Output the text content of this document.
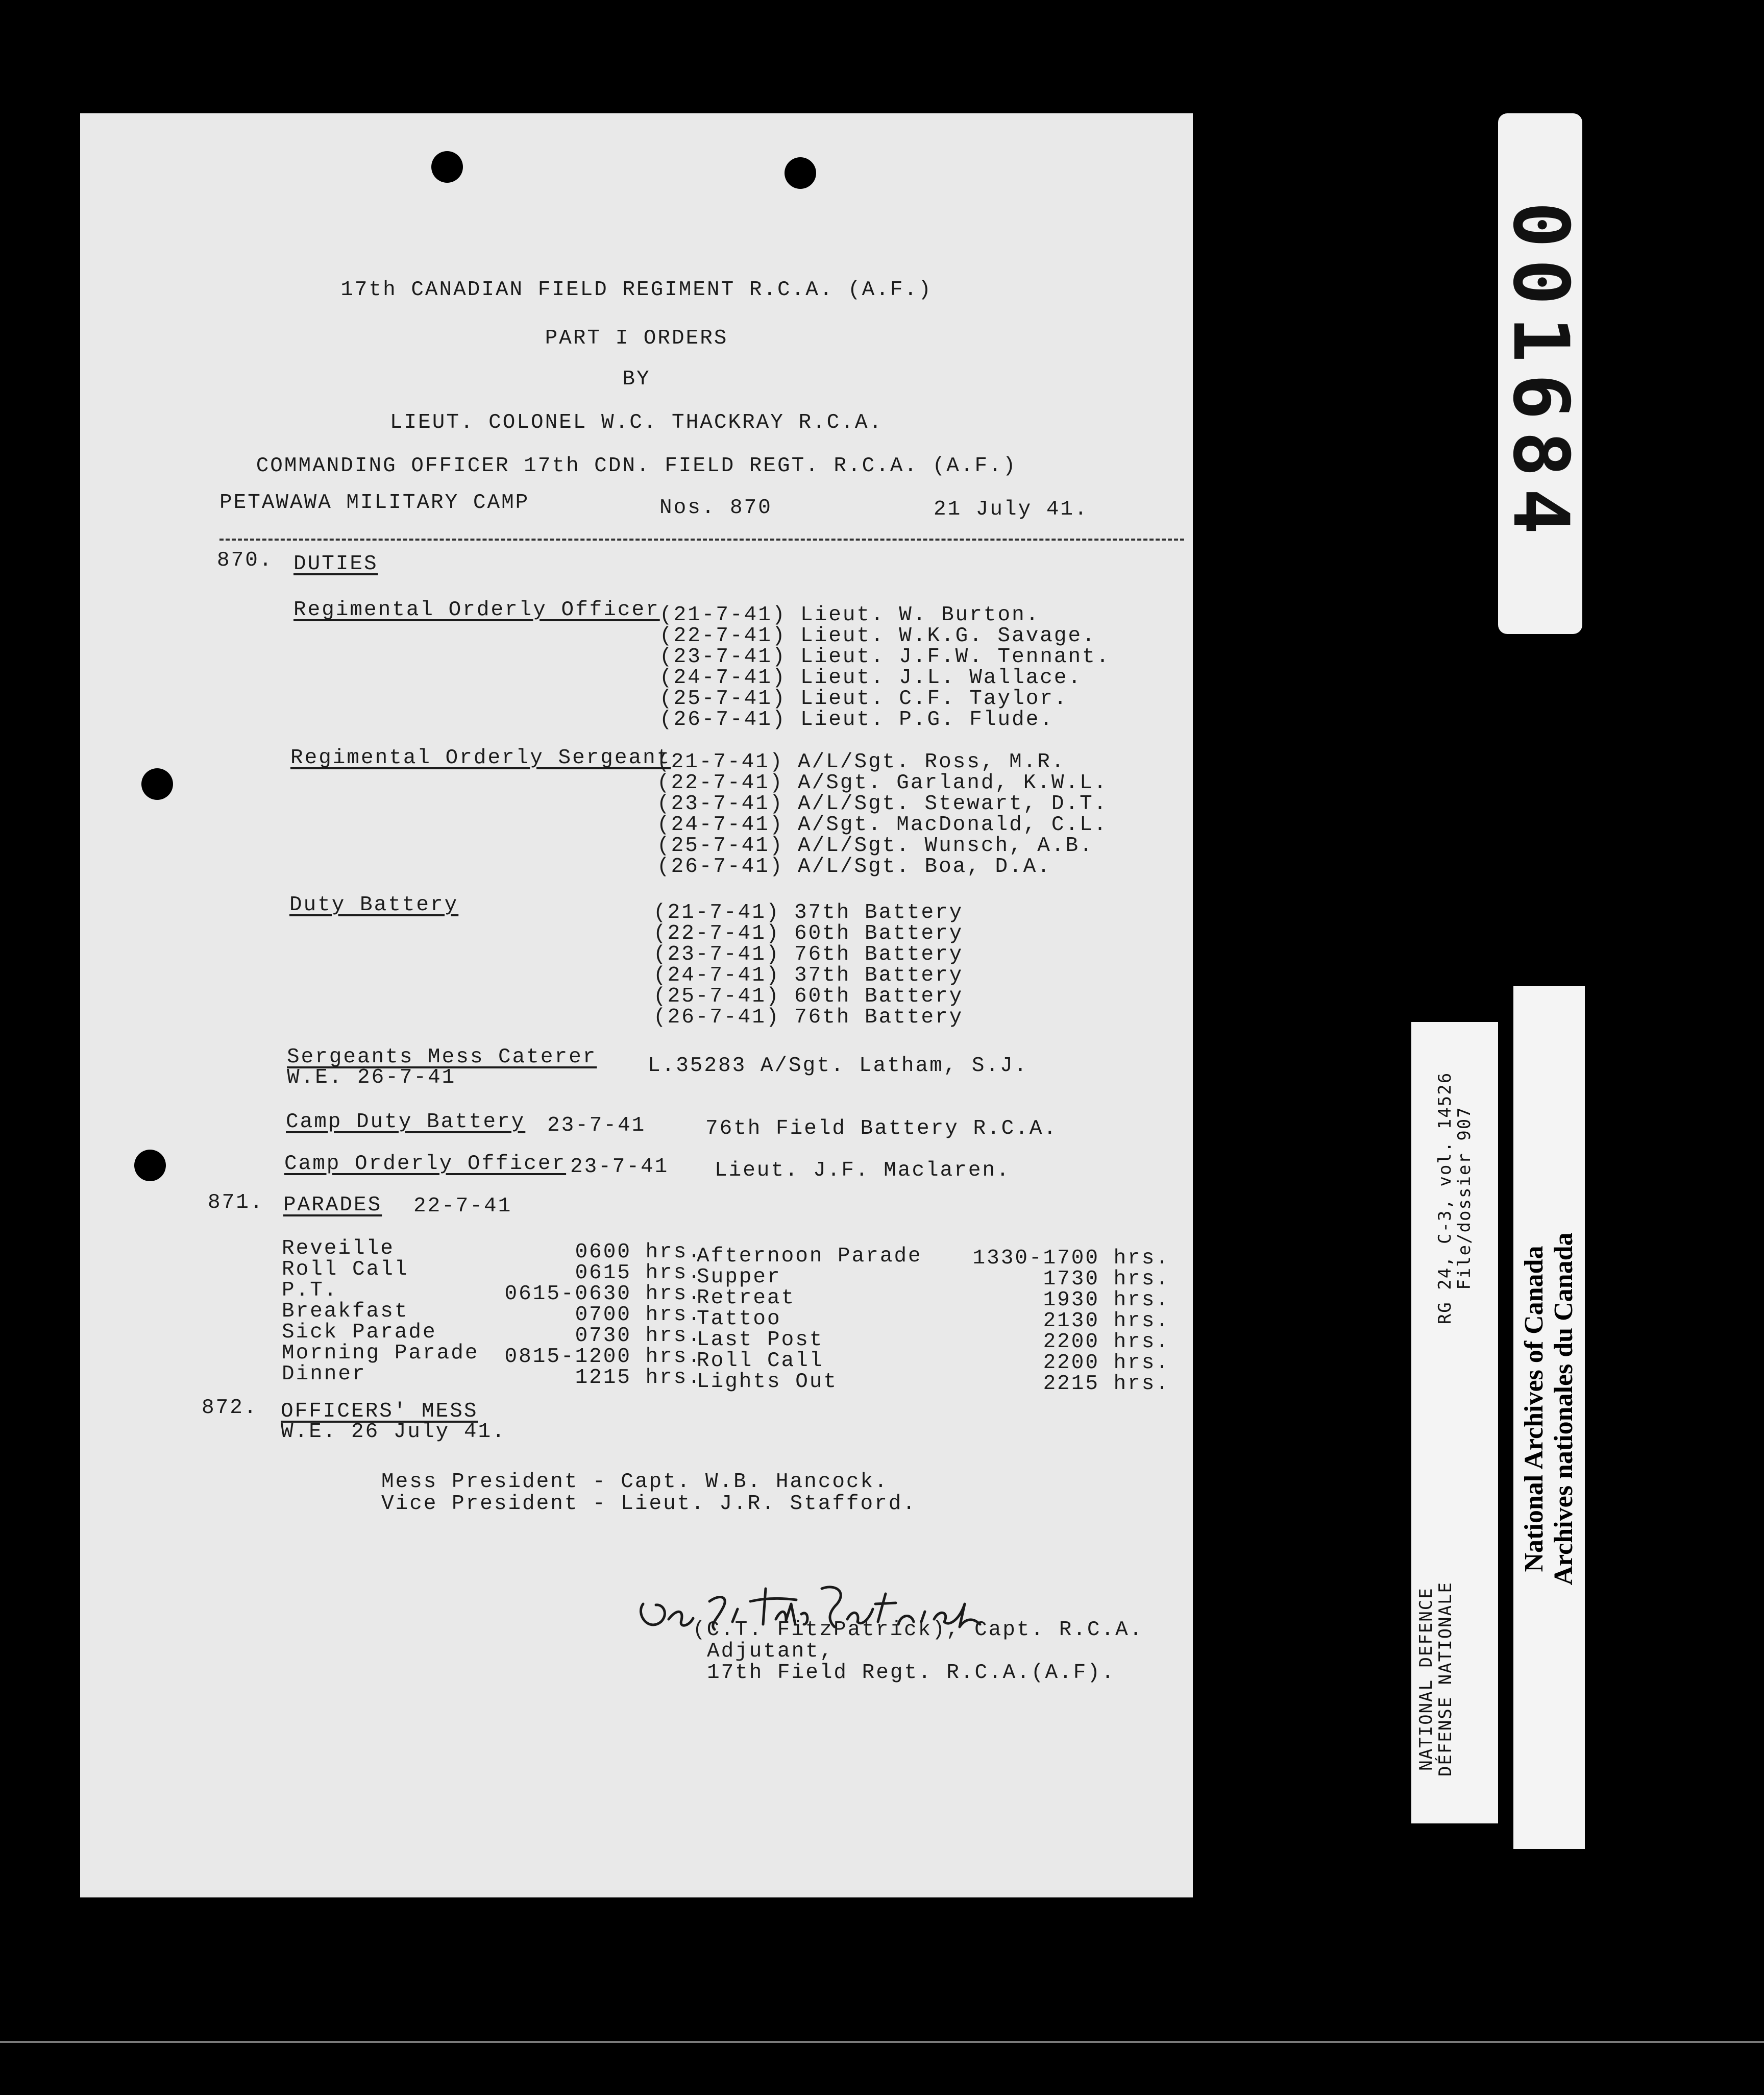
17th CANADIAN FIELD REGIMENT R.C.A. (A.F.)
PART I ORDERS
BY
LIEUT. COLONEL W.C. THACKRAY R.C.A.
COMMANDING OFFICER 17th CDN. FIELD REGT. R.C.A. (A.F.)
PETAWAWA MILITARY CAMP	Nos. 870	21 July 41.
870. DUTIES
Regimental Orderly Officer (21-7-41) Lieut. W. Burton.
(22-7-41) Lieut. W.K.G. Savage.
(23-7-41) Lieut. J.F.W. Tennant.
(24-7-41) Lieut. J.L. Wallace.
(25-7-41) Lieut. C.F. Taylor.
(26-7-41) Lieut. P.G. Flude.
Regimental Orderly Sergeant
(21-7-41) A/L/Sgt. Ross, M.R.
(22-7-41) A/Sgt. Garland, K.W.L.
(23-7-41) A/L/Sgt. Stewart, D.T.
(24-7-41) A/Sgt. MacDonald, C.L.
(25-7-41) A/L/Sgt. Wunsch, A.B.
(26-7-41) A/L/Sgt. Boa, D.A.
Duty Battery	(21-7-41) 37th Battery
(22-7-41) 60th Battery
(23-7-41) 76th Battery
(24-7-41) 37th Battery
(25-7-41) 60th Battery
(26-7-41) 76th Battery
Sergeants Mess Caterer
W.E. 26-7-41	L.35283 A/Sgt. Latham, S.J.
Camp Duty Battery 23-7-41	76th Field Battery R.C.A.
Camp Orderly Officer 23-7-41 Lieut. J.F. Maclaren.
871. PARADES 22-7-41
Reveille	0600 hrs.
Roll Call	0615 hrs.
P.T.	0615-0630 hrs.
Breakfast	0700 hrs.
Sick Parade	0730 hrs.
Morning Parade	0815-1200 hrs.
Dinner	1215 hrs.
Afternoon Parade	1330-1700 hrs.
Supper	1730 hrs.
Retreat	1930 hrs.
Tattoo	2130 hrs.
Last Post	2200 hrs.
Roll Call	2200 hrs.
Lights Out	2215 hrs.
872. OFFICERS' MESS
W.E. 26 July 41.
Mess President - Capt. W.B. Hancock.
Vice President - Lieut. J.R. Stafford.
(C.T. FitzPatrick), Capt. R.C.A.
Adjutant,
17th Field Regt. R.C.A.(A.F).
001684
NATIONAL DEFENCE
DÉFENSE NATIONALE
RG 24, C-3, vol. 14526
File/dossier 907
National Archives of Canada Archives nationales du Canada
